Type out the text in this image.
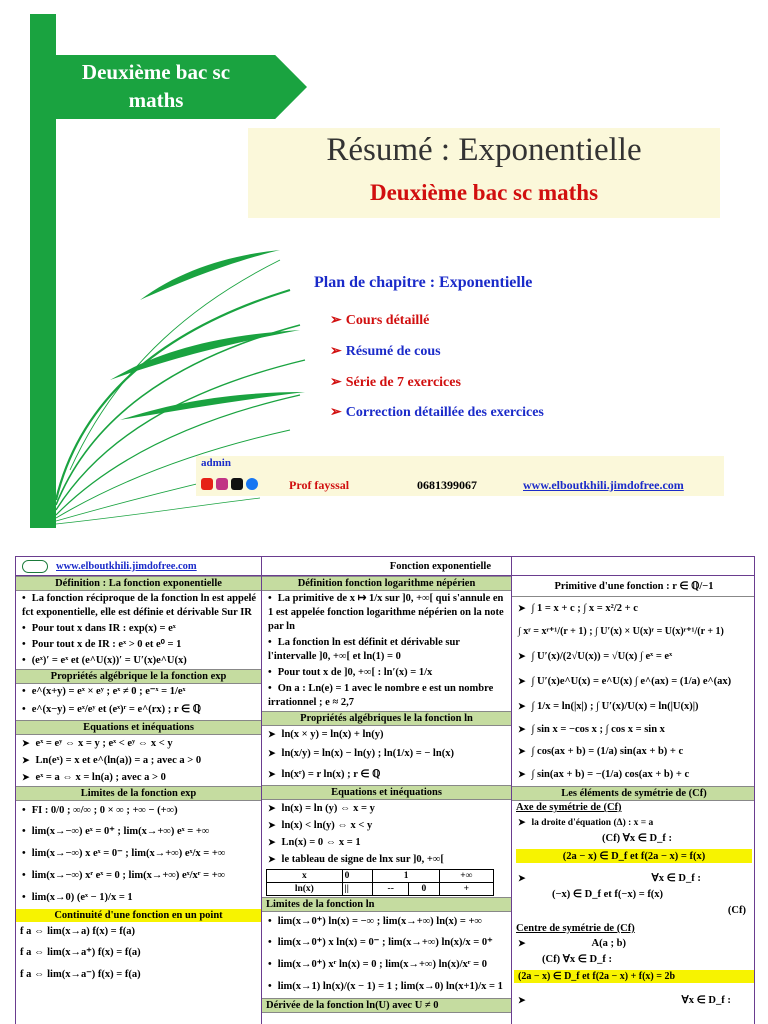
Deuxième bac sc maths
Résumé : Exponentielle
Deuxième bac sc maths
Plan de chapitre : Exponentielle
➢ Cours détaillé
➢ Résumé de cous
➢ Série de 7 exercices
➢ Correction détaillée des exercices
admin
Prof fayssal	0681399067	www.elboutkhili.jimdofree.com
www.elboutkhili.jimdofree.com
Définition : La fonction exponentielle
• La fonction réciproque de la fonction ln est appelé fct exponentielle, elle est définie et dérivable Sur IR
• Pour tout x dans IR : exp(x) = eˣ
• Pour tout x de IR : eˣ > 0 et e⁰ = 1
• (eˣ)′ = eˣ et (e^U(x))′ = U′(x)e^U(x)
Propriétés algébrique le la fonction exp
• e^(x+y) = eˣ × eʸ ; eˣ ≠ 0 ; e⁻ˣ = 1/eˣ
• e^(x−y) = eˣ/eʸ et (eˣ)ʳ = e^(rx) ; r ∈ ℚ
Equations et inéquations
➤ eˣ = eʸ ⇔ x = y ; eˣ < eʸ ⇔ x < y
➤ Ln(eˣ) = x et e^(ln(a)) = a ; avec a > 0
➤ eˣ = a ⇔ x = ln(a) ; avec a > 0
Limites de la fonction exp
• FI : 0/0 ; ∞/∞ ; 0 × ∞ ; +∞ − (+∞)
• lim(x→−∞) eˣ = 0⁺ ; lim(x→+∞) eˣ = +∞
• lim(x→−∞) x eˣ = 0⁻ ; lim(x→+∞) eˣ/x = +∞
• lim(x→−∞) xʳ eˣ = 0 ; lim(x→+∞) eˣ/xʳ = +∞
• lim(x→0) (eˣ − 1)/x = 1
Continuité d'une fonction en un point
f a ⇔ lim(x→a) f(x) = f(a)
f a ⇔ lim(x→a⁺) f(x) = f(a)
f a ⇔ lim(x→a⁻) f(x) = f(a)
Fonction exponentielle
Définition fonction logarithme népérien
• La primitive de x ↦ 1/x sur ]0, +∞[ qui s'annule en 1 est appelée fonction logarithme népérien on la note par ln
• La fonction ln est définit et dérivable sur l'intervalle ]0, +∞[ et ln(1) = 0
• Pour tout x de ]0, +∞[ : ln′(x) = 1/x
• On a : Ln(e) = 1 avec le nombre e est un nombre irrationnel ; e ≈ 2,7
Propriétés algébriques le la fonction ln
➤ ln(x × y) = ln(x) + ln(y)
➤ ln(x/y) = ln(x) − ln(y) ; ln(1/x) = − ln(x)
➤ ln(xʳ) = r ln(x) ; r ∈ ℚ
Equations et inéquations
➤ ln(x) = ln (y) ⇔ x = y
➤ ln(x) < ln(y) ⇔ x < y
➤ Ln(x) = 0 ⇔ x = 1
➤ le tableau de signe de lnx sur ]0, +∞[
x	0	1		+∞
ln(x)	||	--	0	+
Limites de la fonction ln
• lim(x→0⁺) ln(x) = −∞ ; lim(x→+∞) ln(x) = +∞
• lim(x→0⁺) x ln(x) = 0⁻ ; lim(x→+∞) ln(x)/x = 0⁺
• lim(x→0⁺) xʳ ln(x) = 0 ; lim(x→+∞) ln(x)/xʳ = 0
• lim(x→1) ln(x)/(x − 1) = 1 ; lim(x→0) ln(x+1)/x = 1
Dérivée de la fonction ln(U) avec U ≠ 0
Primitive d'une fonction : r ∈ ℚ/−1
➤ ∫ 1 = x + c ; ∫ x = x²/2 + c
∫ xʳ = xʳ⁺¹/(r + 1) ; ∫ U′(x) × U(x)ʳ = U(x)ʳ⁺¹/(r + 1)
➤ ∫ U′(x)/(2√U(x)) = √U(x) ∫ eˣ = eˣ
➤ ∫ U′(x)e^U(x) = e^U(x) ∫ e^(ax) = (1/a) e^(ax)
➤ ∫ 1/x = ln(|x|) ; ∫ U′(x)/U(x) = ln(|U(x)|)
➤ ∫ sin x = −cos x ; ∫ cos x = sin x
➤ ∫ cos(ax + b) = (1/a) sin(ax + b) + c
➤ ∫ sin(ax + b) = −(1/a) cos(ax + b) + c
Les éléments de symétrie de (Cf)
Axe de symétrie de (Cf)
➤ la droite d'équation (Δ) : x = a
(Cf) ∀x ∈ D_f :
(2a − x) ∈ D_f et f(2a − x) = f(x)
➤ ∀x ∈ D_f :
(−x) ∈ D_f et f(−x) = f(x)
(Cf)
Centre de symétrie de (Cf)
➤ A(a ; b)
(Cf) ∀x ∈ D_f :
(2a − x) ∈ D_f et f(2a − x) + f(x) = 2b
➤ ∀x ∈ D_f :
